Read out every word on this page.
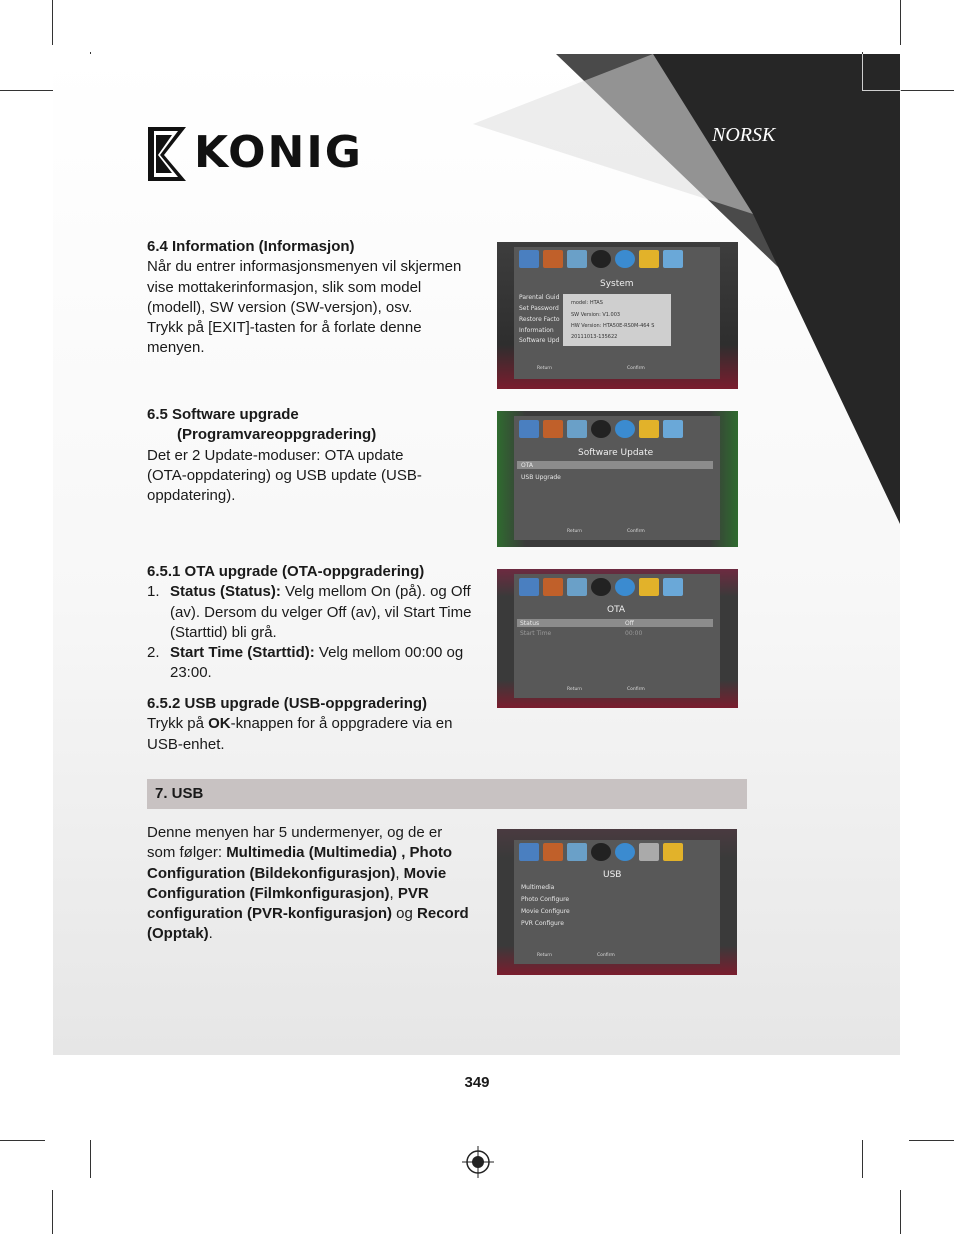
NORSK
KONIG
6.4 Information (Informasjon)
Når du entrer informasjonsmenyen vil skjermen
vise mottakerinformasjon, slik som model
(modell), SW version (SW-versjon), osv.
Trykk på [EXIT]-tasten for å forlate denne
menyen.
6.5 Software upgrade
(Programvareoppgradering)
Det er 2 Update-moduser: OTA update
(OTA-oppdatering) og USB update (USB-
oppdatering).
6.5.1 OTA upgrade (OTA-oppgradering)
1. Status (Status): Velg mellom On (på). og Off
(av). Dersom du velger Off (av), vil Start Time
(Starttid) bli grå.
2. Start Time (Starttid): Velg mellom 00:00 og
23:00.
6.5.2 USB upgrade (USB-oppgradering)
Trykk på OK-knappen for å oppgradere via en
USB-enhet.
7. USB
Denne menyen har 5 undermenyer, og de er
som følger: Multimedia (Multimedia) , Photo
Configuration (Bildekonfigurasjon), Movie
Configuration (Filmkonfigurasjon), PVR
configuration (PVR-konfigurasjon) og Record
(Opptak).
System
Parental Guid
Set Password
Restore Facto
Information
Software Upd
model: HTAS
SW Version: V1.003
HW Version: HTA50E-RS0M-464 S
20111013-135622
Return	Confirm
Software Update
OTA
USB Upgrade
Return	Confirm
OTA
Status	Off
Start Time	00:00
Return	Confirm
USB
Multimedia
Photo Configure
Movie Configure
PVR Configure
Return	Confirm
349
